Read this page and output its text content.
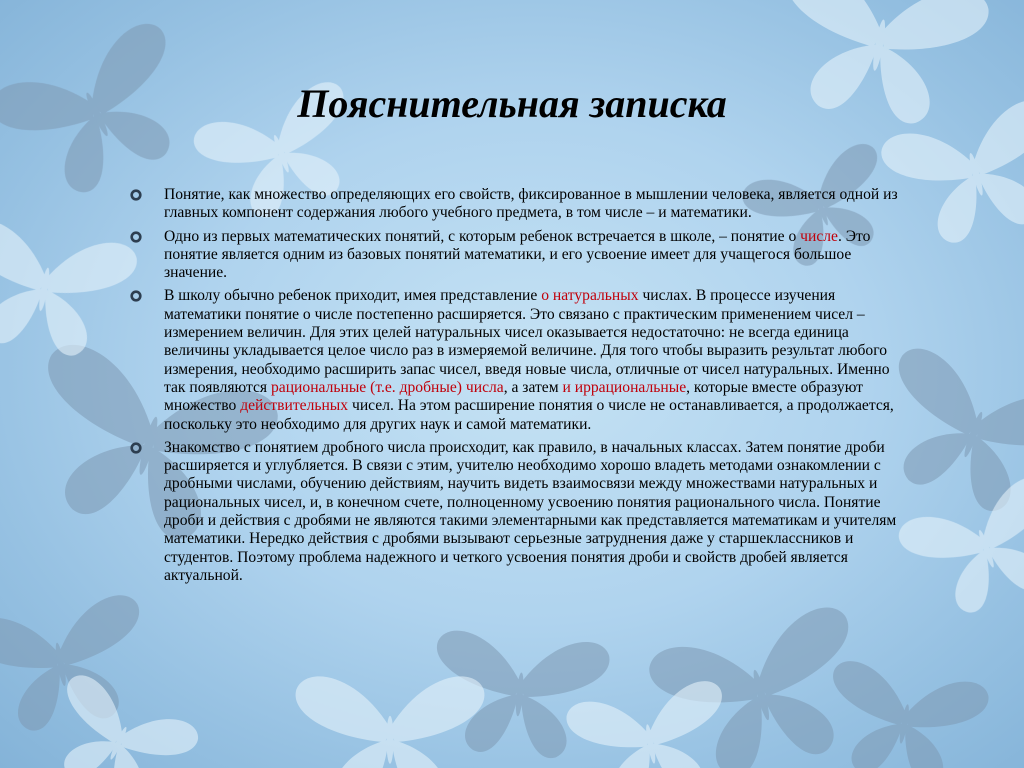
Пояснительная записка
Понятие, как множество определяющих его свойств, фиксированное в мышлении человека, является одной из главных компонент содержания любого учебного предмета, в том числе – и математики.
Одно из первых математических понятий, с которым ребенок встречается в школе, – понятие о числе. Это понятие является одним из базовых понятий математики, и его усвоение имеет для учащегося большое значение.
В школу обычно ребенок приходит, имея представление о натуральных числах. В процессе изучения математики понятие о числе постепенно расширяется. Это связано с практическим применением чисел – измерением величин. Для этих целей натуральных чисел оказывается недостаточно: не всегда единица величины укладывается целое число раз в измеряемой величине. Для того чтобы выразить результат любого измерения, необходимо расширить запас чисел, введя новые числа, отличные от чисел натуральных. Именно так появляются рациональные (т.е. дробные) числа, а затем и иррациональные, которые вместе образуют множество действительных чисел. На этом расширение понятия о числе не останавливается, а продолжается, поскольку это необходимо для других наук и самой математики.
Знакомство с понятием дробного числа происходит, как правило, в начальных классах. Затем понятие дроби расширяется и углубляется. В связи с этим, учителю необходимо хорошо владеть методами ознакомлении с дробными числами, обучению действиям, научить видеть взаимосвязи между множествами натуральных и рациональных чисел, и, в конечном счете, полноценному усвоению понятия рационального числа. Понятие дроби и действия с дробями не являются такими элементарными как представляется математикам и учителям математики. Нередко действия с дробями вызывают серьезные затруднения даже у старшеклассников и студентов. Поэтому проблема надежного и четкого усвоения понятия дроби и свойств дробей является актуальной.
